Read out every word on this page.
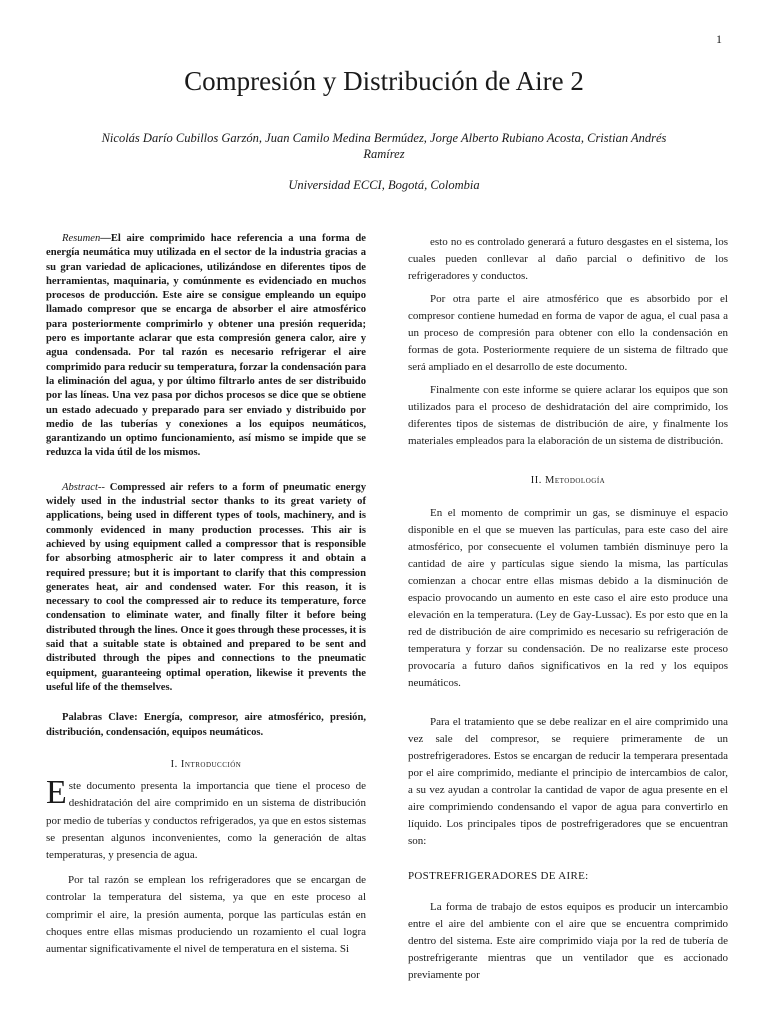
1
Compresión y Distribución de Aire 2
Nicolás Darío Cubillos Garzón, Juan Camilo Medina Bermúdez, Jorge Alberto Rubiano Acosta, Cristian Andrés Ramírez
Universidad ECCI, Bogotá, Colombia

Resumen—El aire comprimido hace referencia a una forma de energía neumática muy utilizada en el sector de la industria gracias a su gran variedad de aplicaciones, utilizándose en diferentes tipos de herramientas, maquinaria, y comúnmente es evidenciado en muchos procesos de producción. Este aire se consigue empleando un equipo llamado compresor que se encarga de absorber el aire atmosférico para posteriormente comprimirlo y obtener una presión requerida; pero es importante aclarar que esta compresión genera calor, aire y agua condensada. Por tal razón es necesario refrigerar el aire comprimido para reducir su temperatura, forzar la condensación para la eliminación del agua, y por último filtrarlo antes de ser distribuido por las líneas. Una vez pasa por dichos procesos se dice que se obtiene un estado adecuado y preparado para ser enviado y distribuido por medio de las tuberías y conexiones a los equipos neumáticos, garantizando un optimo funcionamiento, así mismo se impide que se reduzca la vida útil de los mismos.

Abstract-- Compressed air refers to a form of pneumatic energy widely used in the industrial sector thanks to its great variety of applications, being used in different types of tools, machinery, and is commonly evidenced in many production processes. This air is achieved by using equipment called a compressor that is responsible for absorbing atmospheric air to later compress it and obtain a required pressure; but it is important to clarify that this compression generates heat, air and condensed water. For this reason, it is necessary to cool the compressed air to reduce its temperature, force condensation to eliminate water, and finally filter it before being distributed through the lines. Once it goes through these processes, it is said that a suitable state is obtained and prepared to be sent and distributed through the pipes and connections to the pneumatic equipment, guaranteeing optimal operation, likewise it prevents the useful life of the themselves.

Palabras Clave: Energía, compresor, aire atmosférico, presión, distribución, condensación, equipos neumáticos.

I. Introducción

Este documento presenta la importancia que tiene el proceso de deshidratación del aire comprimido en un sistema de distribución por medio de tuberías y conductos refrigerados, ya que en estos sistemas se presentan algunos inconvenientes, como la generación de altas temperaturas, y presencia de agua.

Por tal razón se emplean los refrigeradores que se encargan de controlar la temperatura del sistema, ya que en este proceso al comprimir el aire, la presión aumenta, porque las partículas están en choques entre ellas mismas produciendo un rozamiento el cual logra aumentar significativamente el nivel de temperatura en el sistema. Si

esto no es controlado generará a futuro desgastes en el sistema, los cuales pueden conllevar al daño parcial o definitivo de los refrigeradores y conductos.

Por otra parte el aire atmosférico que es absorbido por el compresor contiene humedad en forma de vapor de agua, el cual pasa a un proceso de compresión para obtener con ello la condensación en formas de gota. Posteriormente requiere de un sistema de filtrado que será ampliado en el desarrollo de este documento.

Finalmente con este informe se quiere aclarar los equipos que son utilizados para el proceso de deshidratación del aire comprimido, los diferentes tipos de sistemas de distribución de aire, y finalmente los materiales empleados para la elaboración de un sistema de distribución.

II. Metodología

En el momento de comprimir un gas, se disminuye el espacio disponible en el que se mueven las partículas, para este caso del aire atmosférico, por consecuente el volumen también disminuye pero la cantidad de aire y partículas sigue siendo la misma, las partículas comienzan a chocar entre ellas mismas debido a la disminución de espacio provocando un aumento en este caso el aire esto produce una elevación en la temperatura. (Ley de Gay-Lussac). Es por esto que en la red de distribución de aire comprimido es necesario su refrigeración de temperatura y forzar su condensación. De no realizarse este proceso provocaría a futuro daños significativos en la red y los equipos neumáticos.

Para el tratamiento que se debe realizar en el aire comprimido una vez sale del compresor, se requiere primeramente de un postrefrigeradores. Estos se encargan de reducir la temperara presentada por el aire comprimido, mediante el principio de intercambios de calor, a su vez ayudan a controlar la cantidad de vapor de agua presente en el aire comprimiendo condensando el vapor de agua para convertirlo en líquido. Los principales tipos de postrefrigeradores que se encuentran son:

POSTREFRIGERADORES DE AIRE:

La forma de trabajo de estos equipos es producir un intercambio entre el aire del ambiente con el aire que se encuentra comprimido dentro del sistema. Este aire comprimido viaja por la red de tubería de postrefrigerante mientras que un ventilador que es accionado previamente por
